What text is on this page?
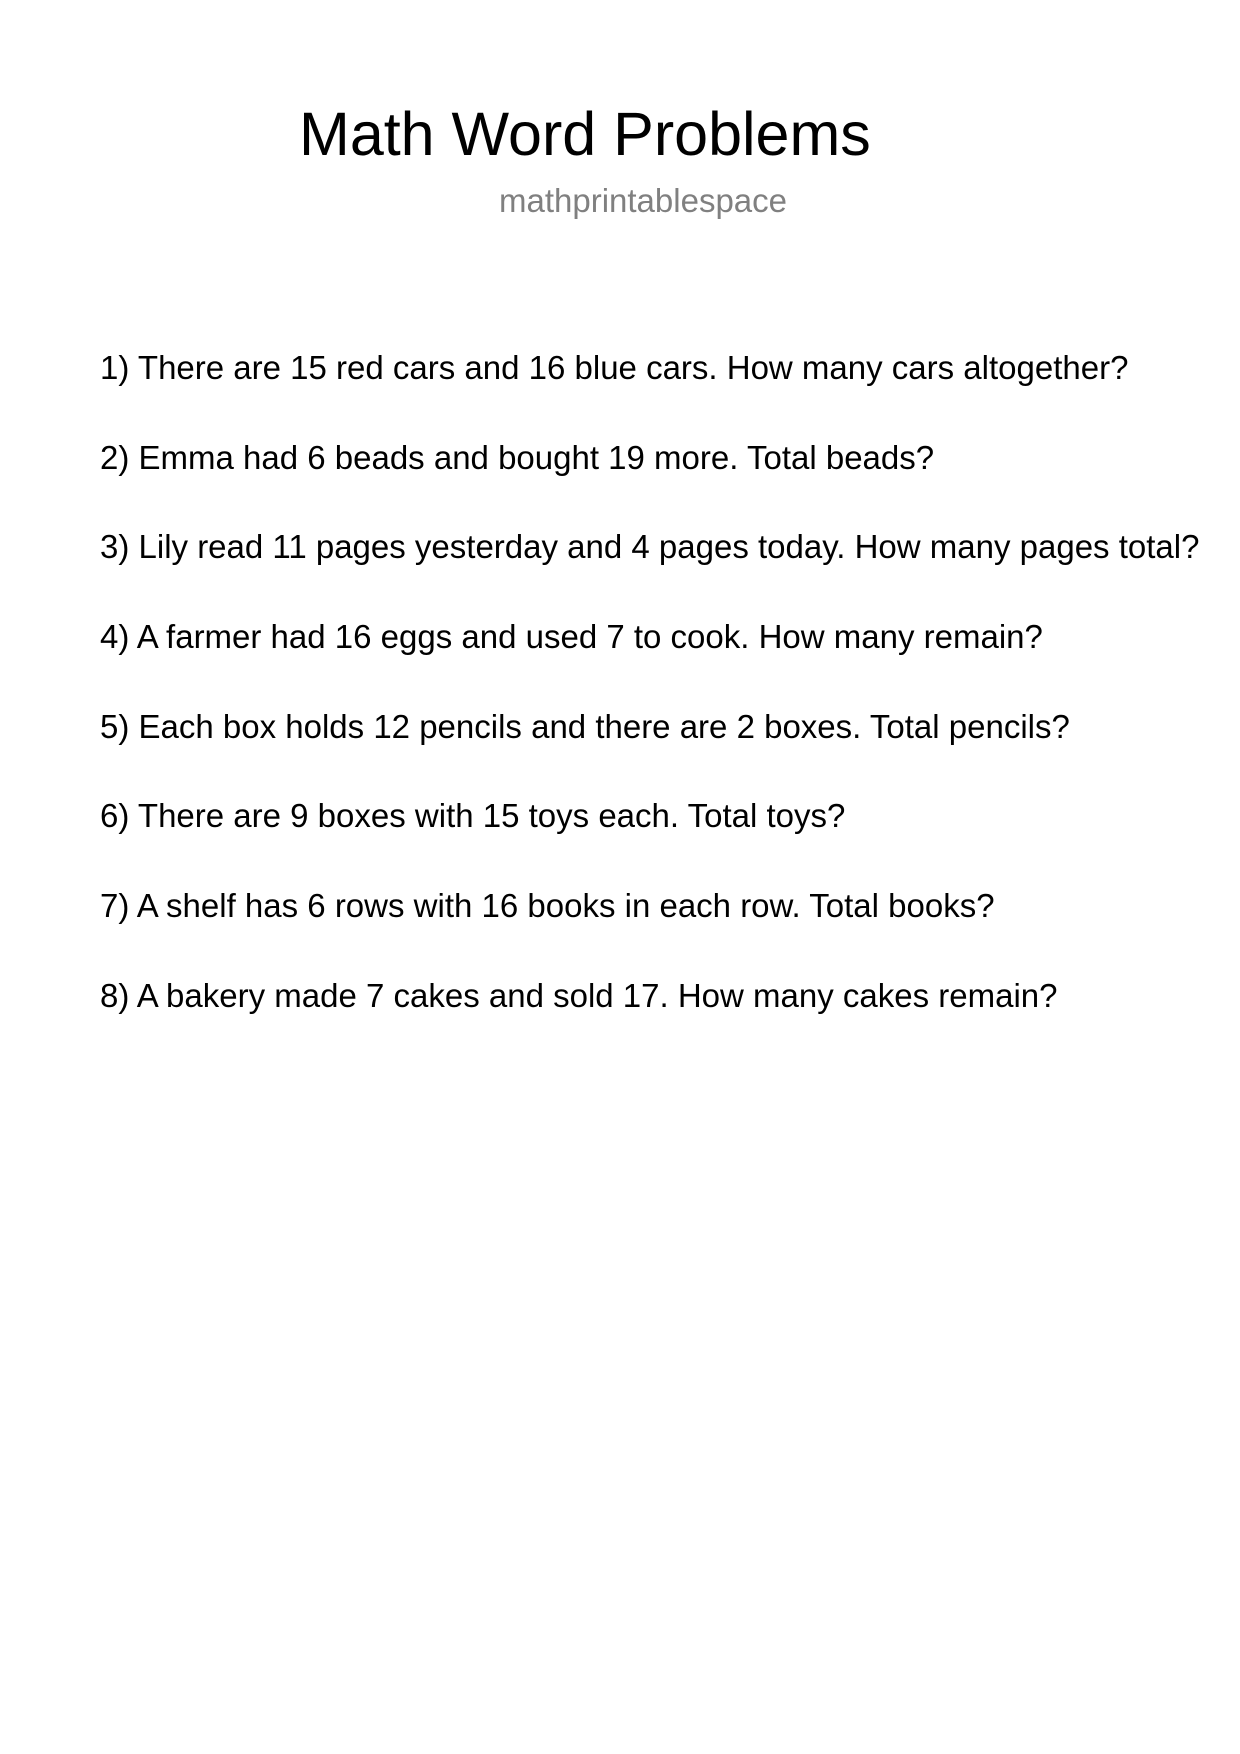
Math Word Problems
mathprintablespace
1) There are 15 red cars and 16 blue cars. How many cars altogether?
2) Emma had 6 beads and bought 19 more. Total beads?
3) Lily read 11 pages yesterday and 4 pages today. How many pages total?
4) A farmer had 16 eggs and used 7 to cook. How many remain?
5) Each box holds 12 pencils and there are 2 boxes. Total pencils?
6) There are 9 boxes with 15 toys each. Total toys?
7) A shelf has 6 rows with 16 books in each row. Total books?
8) A bakery made 7 cakes and sold 17. How many cakes remain?
